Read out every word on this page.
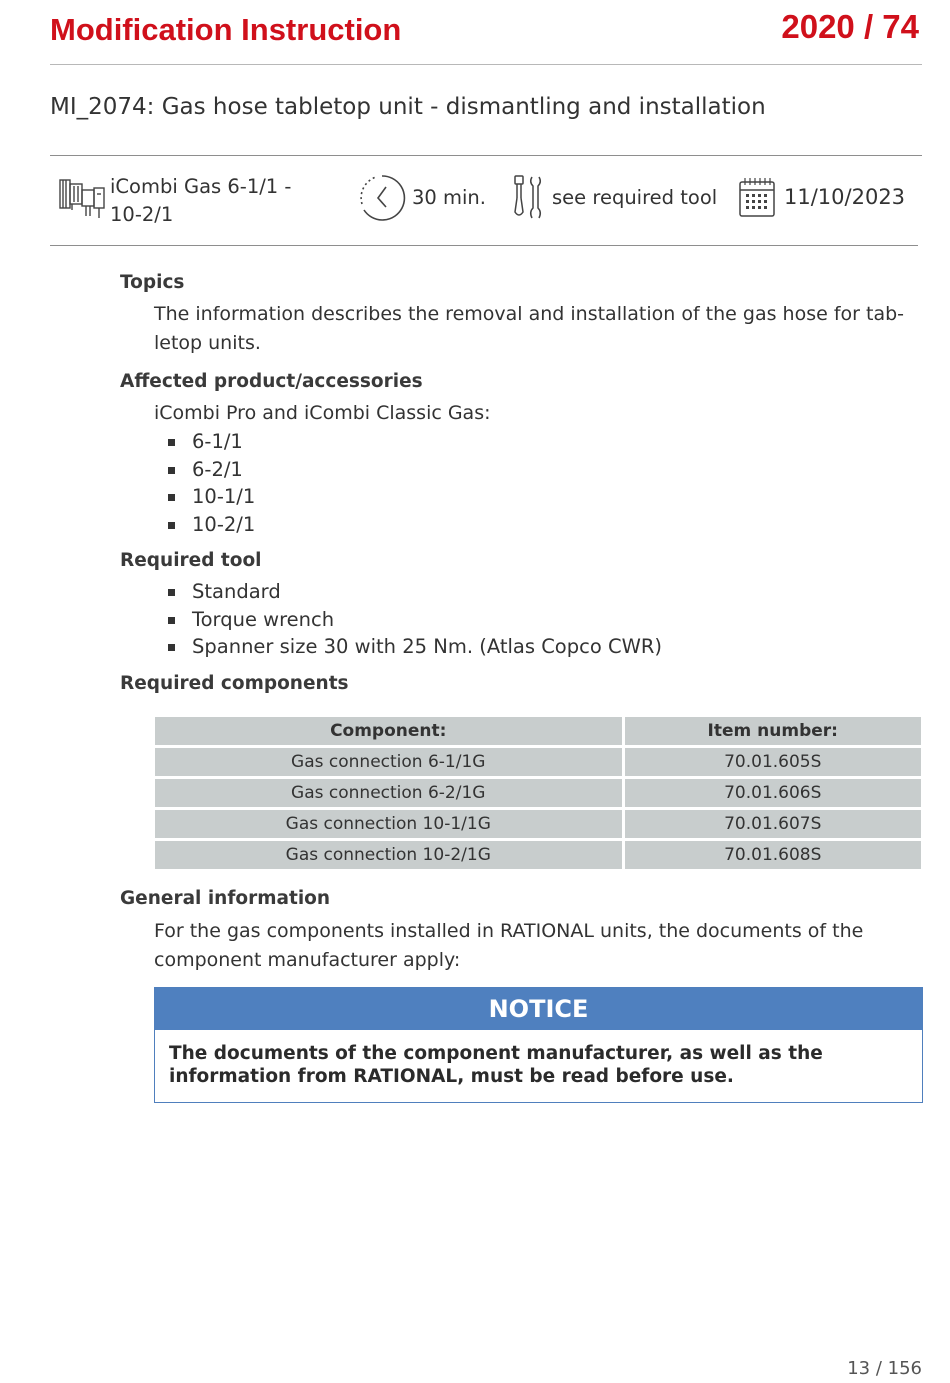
Modification Instruction	2020 / 74
MI_2074: Gas hose tabletop unit - dismantling and installation
iCombi Gas 6-1/1 -
10-2/1
30 min.	see required tool	11/10/2023
Topics
The information describes the removal and installation of the gas hose for tab-letop units.
Affected product/accessories
iCombi Pro and iCombi Classic Gas:
6-1/1
6-2/1
10-1/1
10-2/1
Required tool
Standard
Torque wrench
Spanner size 30 with 25 Nm. (Atlas Copco CWR)
Required components
Component:	Item number:
Gas connection 6-1/1G	70.01.605S
Gas connection 6-2/1G	70.01.606S
Gas connection 10-1/1G	70.01.607S
Gas connection 10-2/1G	70.01.608S
General information
For the gas components installed in RATIONAL units, the documents of the component manufacturer apply:
NOTICE
The documents of the component manufacturer, as well as the information from RATIONAL, must be read before use.
13 / 156
